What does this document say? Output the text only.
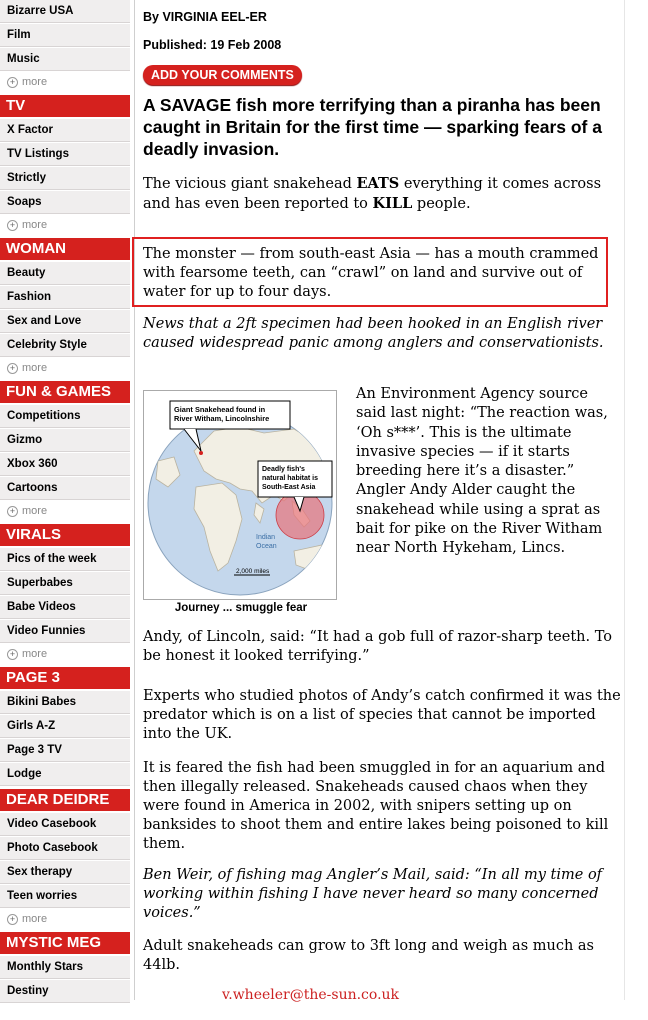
Bizarre USA
Film
Music
+ more
TV
X Factor
TV Listings
Strictly
Soaps
+ more
WOMAN
Beauty
Fashion
Sex and Love
Celebrity Style
+ more
FUN & GAMES
Competitions
Gizmo
Xbox 360
Cartoons
+ more
VIRALS
Pics of the week
Superbabes
Babe Videos
Video Funnies
+ more
PAGE 3
Bikini Babes
Girls A-Z
Page 3 TV
Lodge
DEAR DEIDRE
Video Casebook
Photo Casebook
Sex therapy
Teen worries
+ more
MYSTIC MEG
Monthly Stars
Destiny
By VIRGINIA EEL-ER
Published: 19 Feb 2008
ADD YOUR COMMENTS
A SAVAGE fish more terrifying than a piranha has been caught in Britain for the first time — sparking fears of a deadly invasion.
The vicious giant snakehead EATS everything it comes across and has even been reported to KILL people.
The monster — from south-east Asia — has a mouth crammed with fearsome teeth, can “crawl” on land and survive out of water for up to four days.
News that a 2ft specimen had been hooked in an English river caused widespread panic among anglers and conservationists.
Giant Snakehead found in River Witham, Lincolnshire
Deadly fish's natural habitat is South-East Asia
Indian Ocean
2,000 miles
Journey ... smuggle fear
An Environment Agency source said last night: “The reaction was, ‘Oh s***’. This is the ultimate invasive species — if it starts breeding here it’s a disaster.” Angler Andy Alder caught the snakehead while using a sprat as bait for pike on the River Witham near North Hykeham, Lincs.
Andy, of Lincoln, said: “It had a gob full of razor-sharp teeth. To be honest it looked terrifying.”
Experts who studied photos of Andy’s catch confirmed it was the predator which is on a list of species that cannot be imported into the UK.
It is feared the fish had been smuggled in for an aquarium and then illegally released. Snakeheads caused chaos when they were found in America in 2002, with snipers setting up on banksides to shoot them and entire lakes being poisoned to kill them.
Ben Weir, of fishing mag Angler’s Mail, said: “In all my time of working within fishing I have never heard so many concerned voices.”
Adult snakeheads can grow to 3ft long and weigh as much as 44lb.
v.wheeler@the-sun.co.uk
